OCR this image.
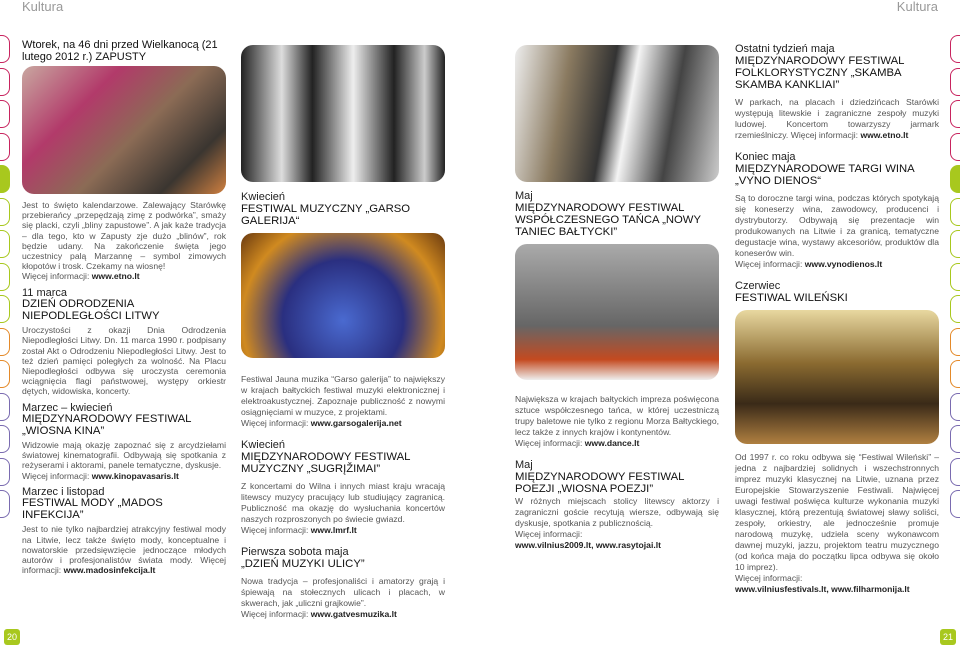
Kultura	Kultura
Wtorek, na 46 dni przed Wielkanocą (21 lutego 2012 r.) ZAPUSTY

Jest to święto kalendarzowe. Zalewający Starówkę przebierańcy „przepędzają zimę z podwórka”, smaży się placki, czyli „bliny zapustowe”. A jak każe tradycja – dla tego, kto w Zapusty zje dużo „blinów”, rok będzie udany. Na zakończenie święta jego uczestnicy palą Marzannę – symbol zimowych kłopotów i trosk. Czekamy na wiosnę!

Więcej informacji: www.etno.lt

11 marca
DZIEŃ ODRODZENIA NIEPODLEGŁOŚCI LITWY

Uroczystości z okazji Dnia Odrodzenia Niepodległości Litwy. Dn. 11 marca 1990 r. podpisany został Akt o Odrodzeniu Niepodległości Litwy. Jest to też dzień pamięci poległych za wolność. Na Placu Niepodległości odbywa się uroczysta ceremonia wciągnięcia flagi państwowej, występy orkiestr dętych, widowiska, koncerty.

Marzec – kwiecień
MIĘDZYNARODOWY FESTIWAL „WIOSNA KINA”

Widzowie mają okazję zapoznać się z arcydziełami światowej kinematografii. Odbywają się spotkania z reżyserami i aktorami, panele tematyczne, dyskusje.

Więcej informacji: www.kinopavasaris.lt

Marzec i listopad
FESTIWAL MODY „MADOS INFEKCIJA”

Jest to nie tylko najbardziej atrakcyjny festiwal mody na Litwie, lecz także święto mody, konceptualne i nowatorskie przedsięwzięcie jednoczące młodych autorów i profesjonalistów świata mody. Więcej informacji: www.madosinfekcija.lt

Kwiecień
FESTIWAL MUZYCZNY „GARSO GALERIJA“

Festiwal Jauna muzika “Garso galerija” to największy w krajach bałtyckich festiwal muzyki elektronicznej i elektroakustycznej. Zapoznaje publiczność z nowymi osiągnięciami w muzyce, z projektami.

Więcej informacji: www.garsogalerija.net

Kwiecień
MIĘDZYNARODOWY FESTIWAL MUZYCZNY „SUGRĮŽIMAI”

Z koncertami do Wilna i innych miast kraju wracają litewscy muzycy pracujący lub studiujący zagranicą. Publiczność ma okazję do wysłuchania koncertów naszych rozproszonych po świecie gwiazd.

Więcej informacji: www.lmrf.lt

Pierwsza sobota maja
„DZIEŃ MUZYKI ULICY”

Nowa tradycja – profesjonaliści i amatorzy grają i śpiewają na stołecznych ulicach i placach, w skwerach, jak „uliczni grajkowie”.

Więcej informacji: www.gatvesmuzika.lt

Maj
MIĘDZYNARODOWY FESTIWAL WSPÓŁCZESNEGO TAŃCA „NOWY TANIEC BAŁTYCKI”

Największa w krajach bałtyckich impreza poświęcona sztuce współczesnego tańca, w której uczestniczą trupy baletowe nie tylko z regionu Morza Bałtyckiego, lecz także z innych krajów i kontynentów.

Więcej informacji: www.dance.lt

Maj
MIĘDZYNARODOWY FESTIWAL POEZJI „WIOSNA POEZJI”

W różnych miejscach stolicy litewscy aktorzy i zagraniczni goście recytują wiersze, odbywają się dyskusje, spotkania z publicznością.

Więcej informacji:

www.vilnius2009.lt, www.rasytojai.lt

Ostatni tydzień maja
MIĘDZYNARODOWY FESTIWAL FOLKLORYSTYCZNY „SKAMBA SKAMBA KANKLIAI”

W parkach, na placach i dziedzińcach Starówki występują litewskie i zagraniczne zespoły muzyki ludowej. Koncertom towarzyszy jarmark rzemieślniczy. Więcej informacji: www.etno.lt

Koniec maja
MIĘDZYNARODOWE TARGI WINA „VYNO DIENOS“

Są to doroczne targi wina, podczas których spotykają się koneserzy wina, zawodowcy, producenci i dystrybutorzy. Odbywają się prezentacje win produkowanych na Litwie i za granicą, tematyczne degustacje wina, wystawy akcesoriów, produktów dla koneserów win.

Więcej informacji: www.vynodienos.lt

Czerwiec
FESTIWAL WILEŃSKI

Od 1997 r. co roku odbywa się “Festiwal Wileński” – jedna z najbardziej solidnych i wszechstronnych imprez muzyki klasycznej na Litwie, uznana przez Europejskie Stowarzyszenie Festiwali. Najwięcej uwagi festiwal poświęca kulturze wykonania muzyki klasycznej, którą prezentują światowej sławy soliści, zespoły, orkiestry, ale jednocześnie promuje narodową muzykę, udziela sceny wykonawcom dawnej muzyki, jazzu, projektom teatru muzycznego (od końca maja do początku lipca odbywa się około 10 imprez).

Więcej informacji:

www.vilniusfestivals.lt, www.filharmonija.lt

20	21
